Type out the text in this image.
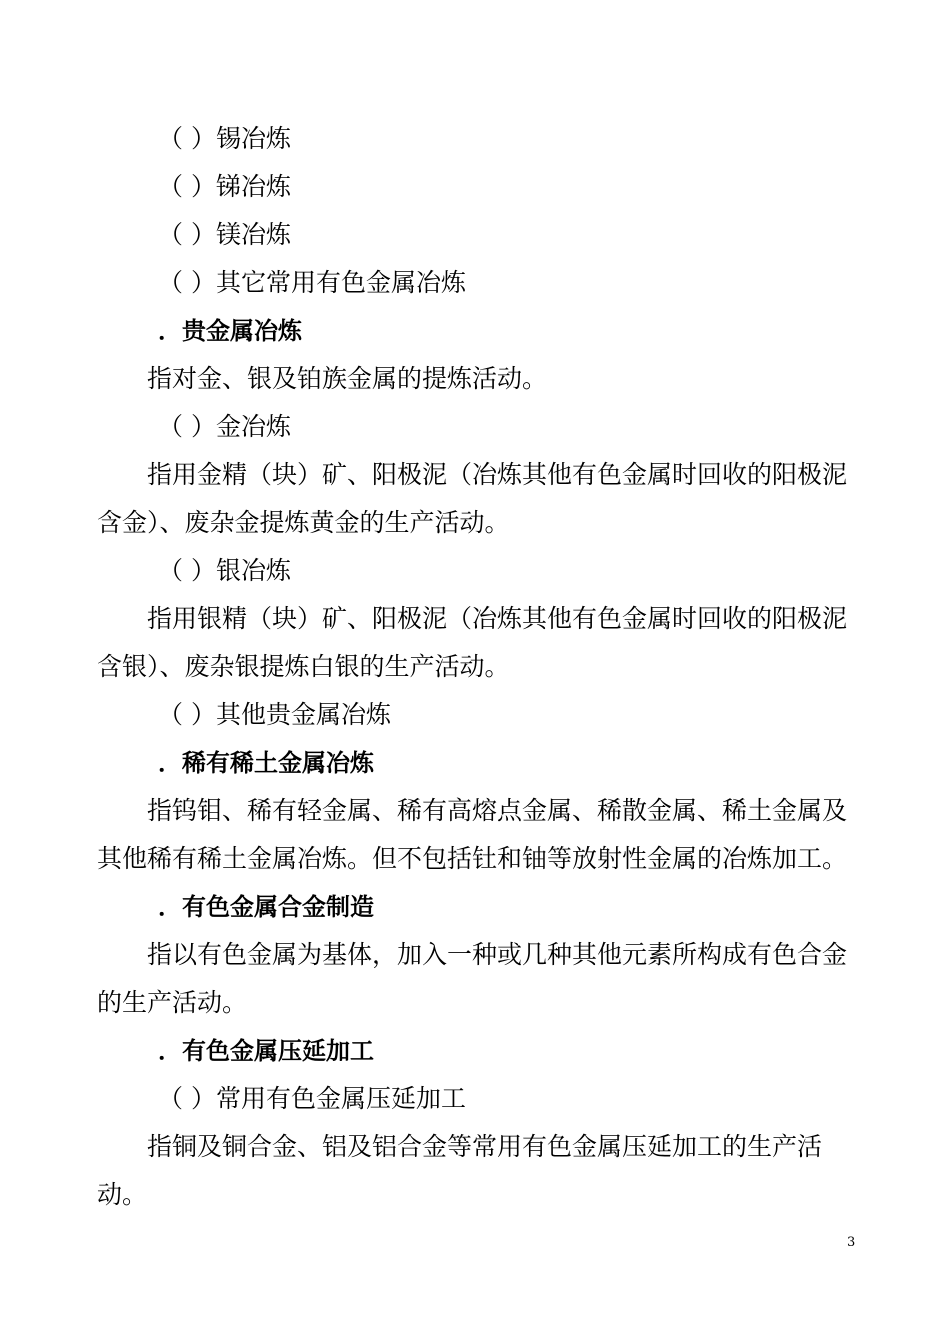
（ ）锡冶炼
（ ）锑冶炼
（ ）镁冶炼
（ ）其它常用有色金属冶炼
．贵金属冶炼
指对金、银及铂族金属的提炼活动。
（ ）金冶炼
指用金精（块）矿、阳极泥（冶炼其他有色金属时回收的阳极泥
含金）、废杂金提炼黄金的生产活动。
（ ）银冶炼
指用银精（块）矿、阳极泥（冶炼其他有色金属时回收的阳极泥
含银）、废杂银提炼白银的生产活动。
（ ）其他贵金属冶炼
．稀有稀土金属冶炼
指钨钼、稀有轻金属、稀有高熔点金属、稀散金属、稀土金属及
其他稀有稀土金属冶炼。但不包括钍和铀等放射性金属的冶炼加工。
．有色金属合金制造
指以有色金属为基体，加入一种或几种其他元素所构成有色合金
的生产活动。
．有色金属压延加工
（ ）常用有色金属压延加工
指铜及铜合金、铝及铝合金等常用有色金属压延加工的生产活
动。
3
